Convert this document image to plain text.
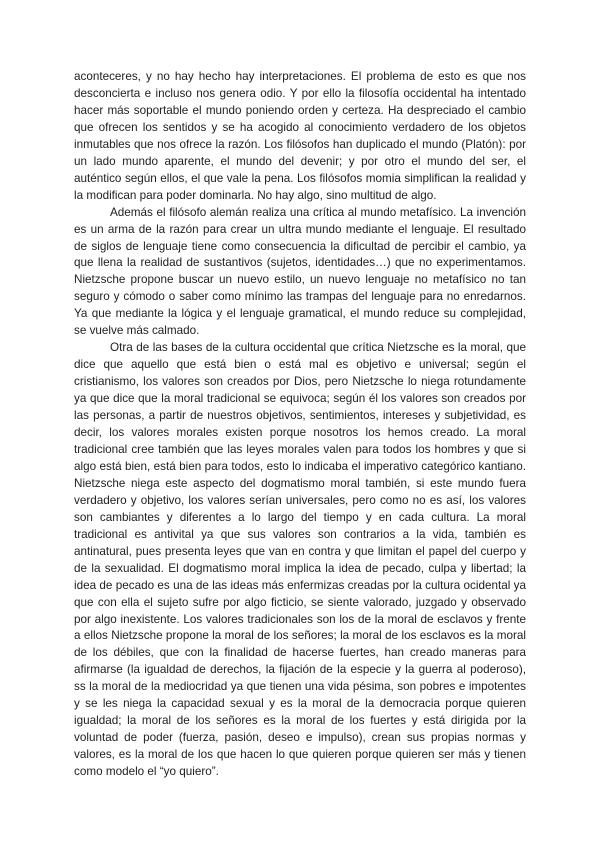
aconteceres, y no hay hecho hay interpretaciones. El problema de esto es que nos desconcierta e incluso nos genera odio. Y por ello la filosofía occidental ha intentado hacer más soportable el mundo poniendo orden y certeza. Ha despreciado el cambio que ofrecen los sentidos y se ha acogido al conocimiento verdadero de los objetos inmutables que nos ofrece la razón. Los filósofos han duplicado el mundo (Platón): por un lado mundo aparente, el mundo del devenir; y por otro el mundo del ser, el auténtico según ellos, el que vale la pena. Los filósofos momia simplifican la realidad y la modifican para poder dominarla. No hay algo, sino multitud de algo.

Además el filósofo alemán realiza una crítica al mundo metafísico. La invención es un arma de la razón para crear un ultra mundo mediante el lenguaje. El resultado de siglos de lenguaje tiene como consecuencia la dificultad de percibir el cambio, ya que llena la realidad de sustantivos (sujetos, identidades…) que no experimentamos. Nietzsche propone buscar un nuevo estilo, un nuevo lenguaje no metafísico no tan seguro y cómodo o saber como mínimo las trampas del lenguaje para no enredarnos. Ya que mediante la lógica y el lenguaje gramatical, el mundo reduce su complejidad, se vuelve más calmado.

Otra de las bases de la cultura occidental que crítica Nietzsche es la moral, que dice que aquello que está bien o está mal es objetivo e universal; según el cristianismo, los valores son creados por Dios, pero Nietzsche lo niega rotundamente ya que dice que la moral tradicional se equivoca; según él los valores son creados por las personas, a partir de nuestros objetivos, sentimientos, intereses y subjetividad, es decir, los valores morales existen porque nosotros los hemos creado. La moral tradicional cree también que las leyes morales valen para todos los hombres y que si algo está bien, está bien para todos, esto lo indicaba el imperativo categórico kantiano. Nietzsche niega este aspecto del dogmatismo moral también, si este mundo fuera verdadero y objetivo, los valores serían universales, pero como no es así, los valores son cambiantes y diferentes a lo largo del tiempo y en cada cultura. La moral tradicional es antivital ya que sus valores son contrarios a la vida, también es antinatural, pues presenta leyes que van en contra y que limitan el papel del cuerpo y de la sexualidad. El dogmatismo moral implica la idea de pecado, culpa y libertad; la idea de pecado es una de las ideas más enfermizas creadas por la cultura ocidental ya que con ella el sujeto sufre por algo ficticio, se siente valorado, juzgado y observado por algo inexistente. Los valores tradicionales son los de la moral de esclavos y frente a ellos Nietzsche propone la moral de los señores; la moral de los esclavos es la moral de los débiles, que con la finalidad de hacerse fuertes, han creado maneras para afirmarse (la igualdad de derechos, la fijación de la especie y la guerra al poderoso), ss la moral de la mediocridad ya que tienen una vida pésima, son pobres e impotentes y se les niega la capacidad sexual y es la moral de la democracia porque quieren igualdad; la moral de los señores es la moral de los fuertes y está dirigida por la voluntad de poder (fuerza, pasión, deseo e impulso), crean sus propias normas y valores, es la moral de los que hacen lo que quieren porque quieren ser más y tienen como modelo el “yo quiero”.
